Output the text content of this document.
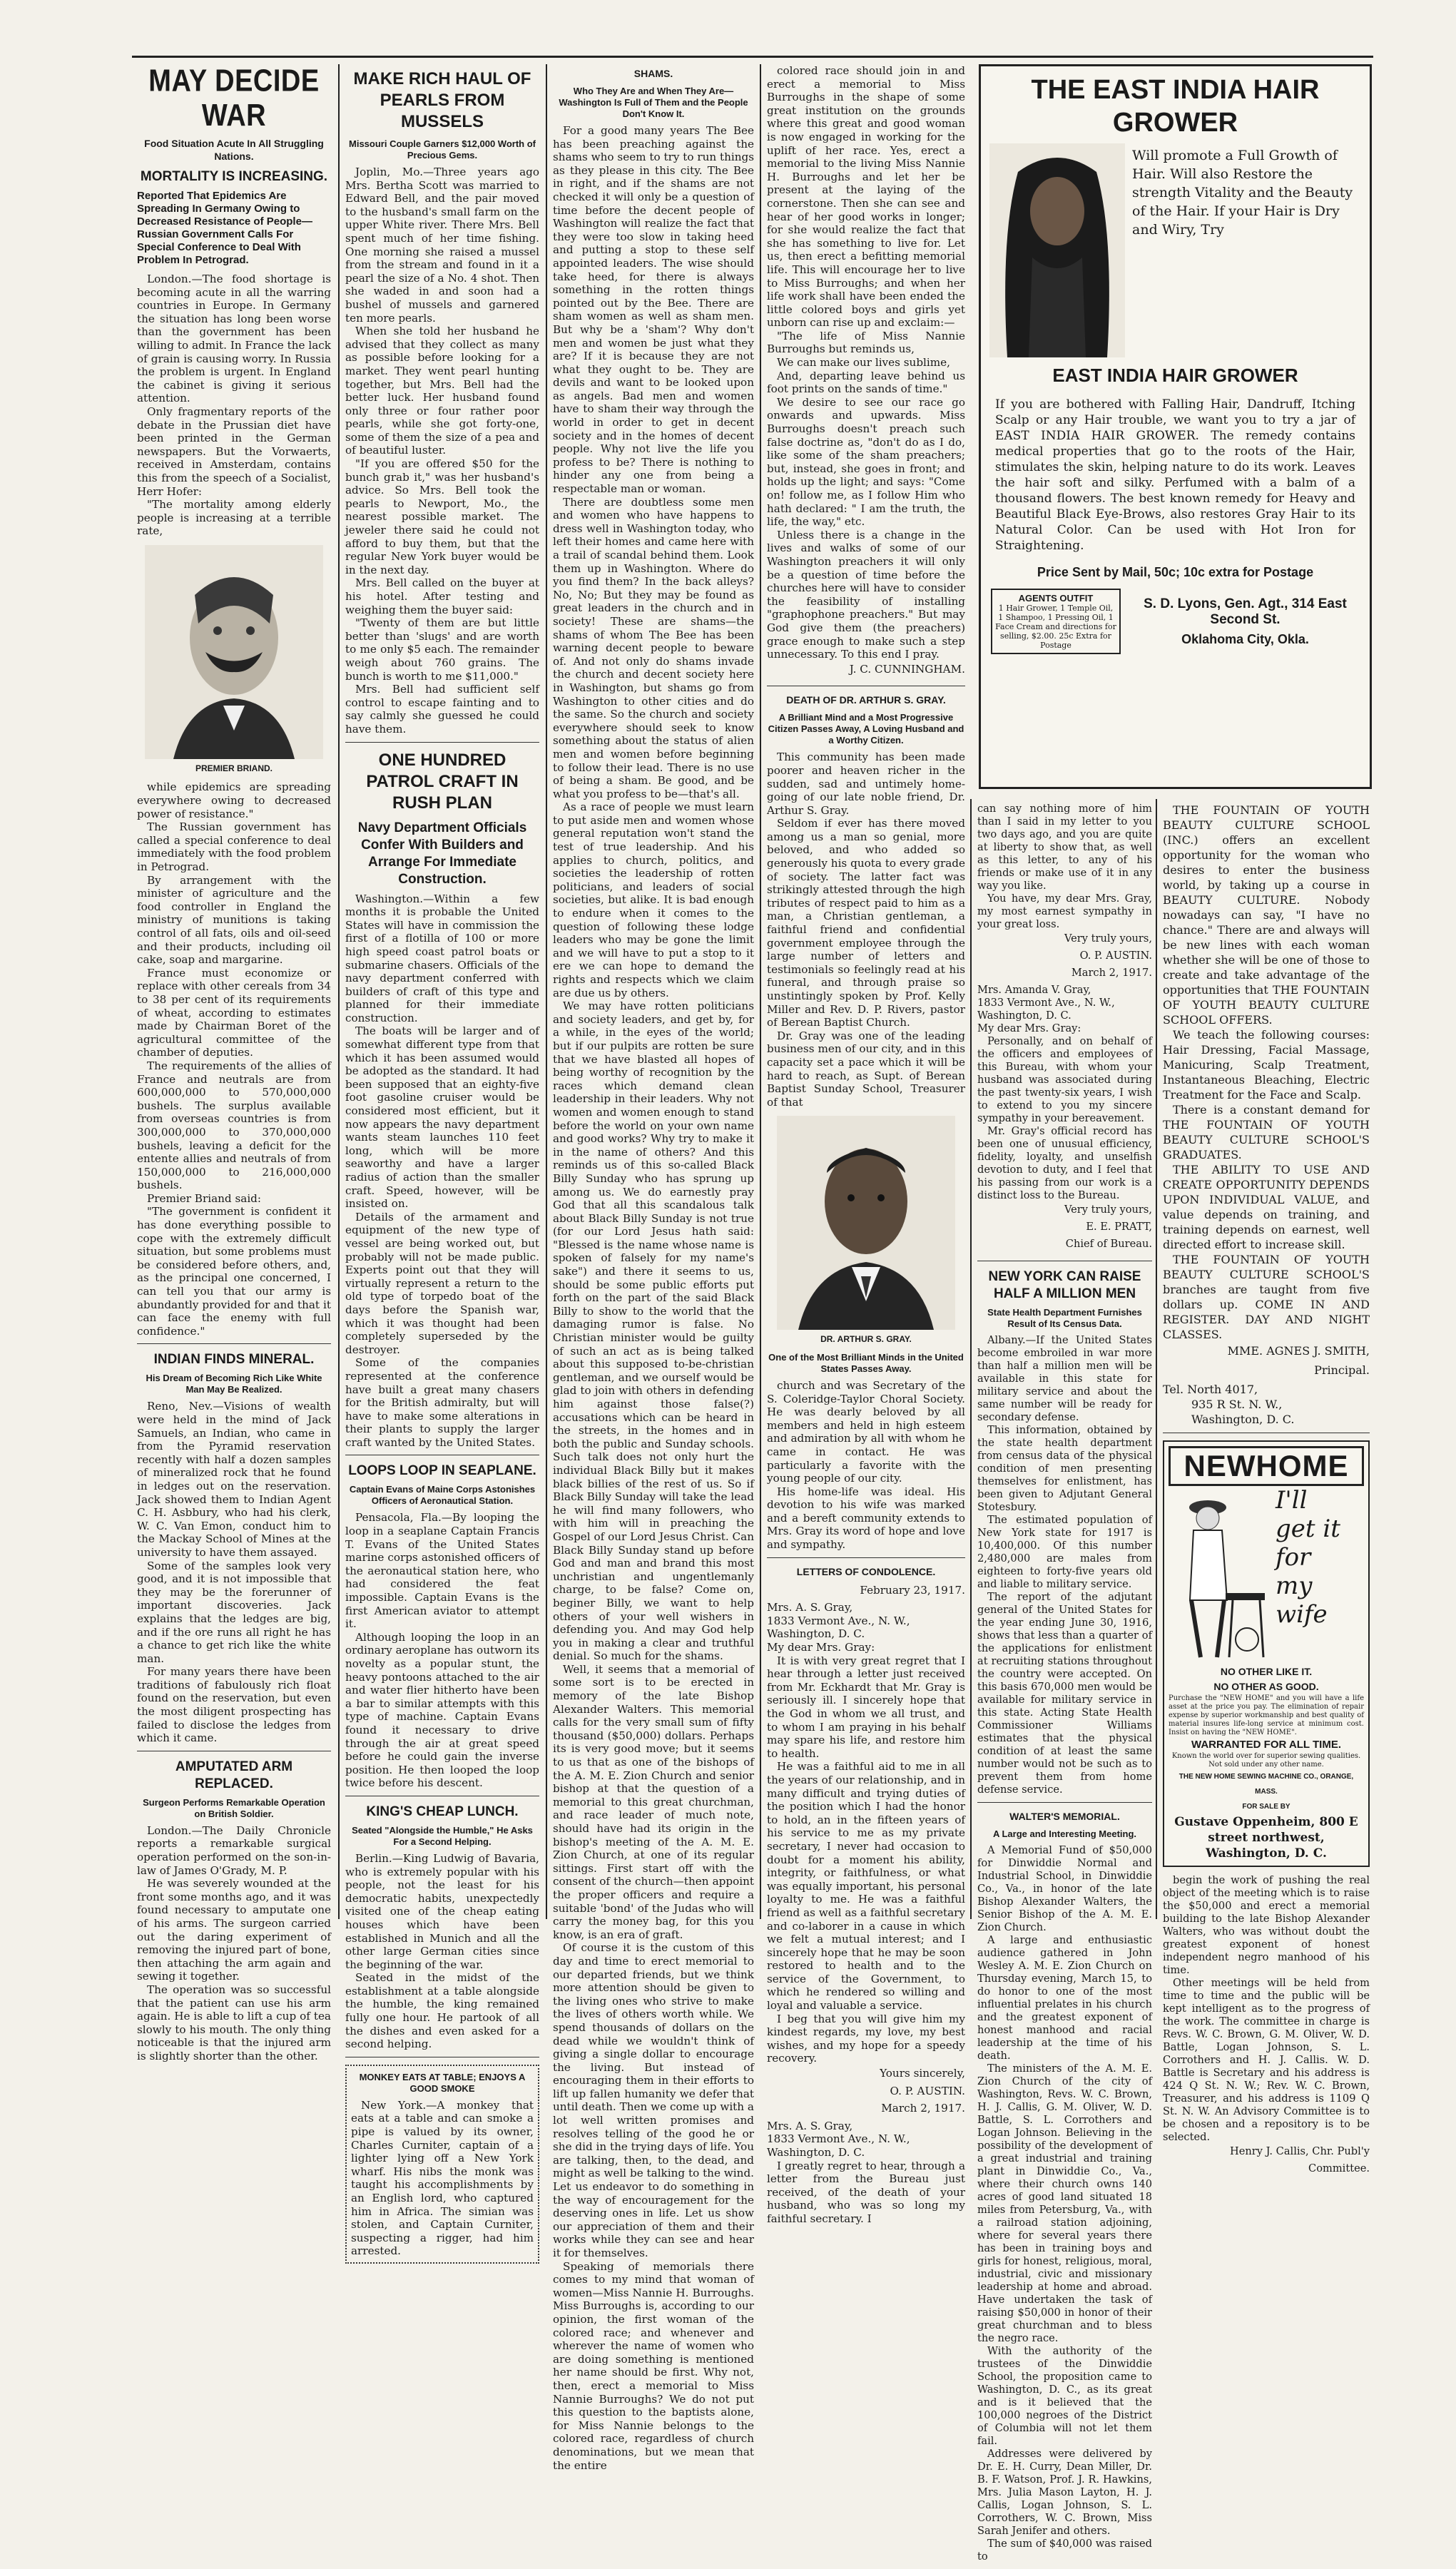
MAY DECIDE WAR
Food Situation Acute In All Struggling Nations.
MORTALITY IS INCREASING.
Reported That Epidemics Are Spreading In Germany Owing to Decreased Resistance of People—Russian Government Calls For Special Conference to Deal With Problem In Petrograd.

London.—The food shortage is becoming acute in all the warring countries in Europe. In Germany the situation has long been worse than the government has been willing to admit. In France the lack of grain is causing worry. In Russia the problem is urgent. In England the cabinet is giving it serious attention.

Only fragmentary reports of the debate in the Prussian diet have been printed in the German newspapers. But the Vorwaerts, received in Amsterdam, contains this from the speech of a Socialist, Herr Hofer:

"The mortality among elderly people is increasing at a terrible rate,

PREMIER BRIAND.

while epidemics are spreading everywhere owing to decreased power of resistance."

The Russian government has called a special conference to deal immediately with the food problem in Petrograd.

By arrangement with the minister of agriculture and the food controller in England the ministry of munitions is taking control of all fats, oils and oil-seed and their products, including oil cake, soap and margarine.

France must economize or replace with other cereals from 34 to 38 per cent of its requirements of wheat, according to estimates made by Chairman Boret of the agricultural committee of the chamber of deputies.

The requirements of the allies of France and neutrals are from 600,000,000 to 570,000,000 bushels. The surplus available from overseas countries is from 300,000,000 to 370,000,000 bushels, leaving a deficit for the entente allies and neutrals of from 150,000,000 to 216,000,000 bushels.

Premier Briand said:

"The government is confident it has done everything possible to cope with the extremely difficult situation, but some problems must be considered before others, and, as the principal one concerned, I can tell you that our army is abundantly provided for and that it can face the enemy with full confidence."

INDIAN FINDS MINERAL.
His Dream of Becoming Rich Like White Man May Be Realized.

Reno, Nev.—Visions of wealth were held in the mind of Jack Samuels, an Indian, who came in from the Pyramid reservation recently with half a dozen samples of mineralized rock that he found in ledges out on the reservation. Jack showed them to Indian Agent C. H. Asbbury, who had his clerk, W. C. Van Emon, conduct him to the Mackay School of Mines at the university to have them assayed.

Some of the samples look very good, and it is not impossible that they may be the forerunner of important discoveries. Jack explains that the ledges are big, and if the ore runs all right he has a chance to get rich like the white man.

For many years there have been traditions of fabulously rich float found on the reservation, but even the most diligent prospecting has failed to disclose the ledges from which it came.

AMPUTATED ARM REPLACED.
Surgeon Performs Remarkable Operation on British Soldier.

London.—The Daily Chronicle reports a remarkable surgical operation performed on the son-in-law of James O'Grady, M. P.

He was severely wounded at the front some months ago, and it was found necessary to amputate one of his arms. The surgeon carried out the daring experiment of removing the injured part of bone, then attaching the arm again and sewing it together.

The operation was so successful that the patient can use his arm again. He is able to lift a cup of tea slowly to his mouth. The only thing noticeable is that the injured arm is slightly shorter than the other.

MAKE RICH HAUL OF PEARLS FROM MUSSELS
Missouri Couple Garners $12,000 Worth of Precious Gems.

Joplin, Mo.—Three years ago Mrs. Bertha Scott was married to Edward Bell, and the pair moved to the husband's small farm on the upper White river. There Mrs. Bell spent much of her time fishing. One morning she raised a mussel from the stream and found in it a pearl the size of a No. 4 shot. Then she waded in and soon had a bushel of mussels and garnered ten more pearls.

When she told her husband he advised that they collect as many as possible before looking for a market. They went pearl hunting together, but Mrs. Bell had the better luck. Her husband found only three or four rather poor pearls, while she got forty-one, some of them the size of a pea and of beautiful luster.

"If you are offered $50 for the bunch grab it," was her husband's advice. So Mrs. Bell took the pearls to Newport, Mo., the nearest possible market. The jeweler there said he could not afford to buy them, but that the regular New York buyer would be in the next day.

Mrs. Bell called on the buyer at his hotel. After testing and weighing them the buyer said:

"Twenty of them are but little better than 'slugs' and are worth to me only $5 each. The remainder weigh about 760 grains. The bunch is worth to me $11,000."

Mrs. Bell had sufficient self control to escape fainting and to say calmly she guessed he could have them.

ONE HUNDRED PATROL CRAFT IN RUSH PLAN
Navy Department Officials Confer With Builders and Arrange For Immediate Construction.

Washington.—Within a few months it is probable the United States will have in commission the first of a flotilla of 100 or more high speed coast patrol boats or submarine chasers. Officials of the navy department conferred with builders of craft of this type and planned for their immediate construction.

The boats will be larger and of somewhat different type from that which it has been assumed would be adopted as the standard. It had been supposed that an eighty-five foot gasoline cruiser would be considered most efficient, but it now appears the navy department wants steam launches 110 feet long, which will be more seaworthy and have a larger radius of action than the smaller craft. Speed, however, will be insisted on.

Details of the armament and equipment of the new type of vessel are being worked out, but probably will not be made public. Experts point out that they will virtually represent a return to the old type of torpedo boat of the days before the Spanish war, which it was thought had been completely superseded by the destroyer.

Some of the companies represented at the conference have built a great many chasers for the British admiralty, but will have to make some alterations in their plants to supply the larger craft wanted by the United States.

LOOPS LOOP IN SEAPLANE.
Captain Evans of Maine Corps Astonishes Officers of Aeronautical Station.

Pensacola, Fla.—By looping the loop in a seaplane Captain Francis T. Evans of the United States marine corps astonished officers of the aeronautical station here, who had considered the feat impossible. Captain Evans is the first American aviator to attempt it.

Although looping the loop in an ordinary aeroplane has outworn its novelty as a popular stunt, the heavy pontoons attached to the air and water flier hitherto have been a bar to similar attempts with this type of machine. Captain Evans found it necessary to drive through the air at great speed before he could gain the inverse position. He then looped the loop twice before his descent.

KING'S CHEAP LUNCH.
Seated "Alongside the Humble," He Asks For a Second Helping.

Berlin.—King Ludwig of Bavaria, who is extremely popular with his people, not the least for his democratic habits, unexpectedly visited one of the cheap eating houses which have been established in Munich and all the other large German cities since the beginning of the war.

Seated in the midst of the establishment at a table alongside the humble, the king remained fully one hour. He partook of all the dishes and even asked for a second helping.

MONKEY EATS AT TABLE; ENJOYS A GOOD SMOKE

New York.—A monkey that eats at a table and can smoke a pipe is valued by its owner, Charles Curniter, captain of a lighter lying off a New York wharf. His nibs the monk was taught his accomplishments by an English lord, who captured him in Africa. The simian was stolen, and Captain Curniter, suspecting a rigger, had him arrested.

SHAMS.
Who They Are and When They Are—Washington Is Full of Them and the People Don't Know It.

For a good many years The Bee has been preaching against the shams who seem to try to run things as they please in this city. The Bee in right, and if the shams are not checked it will only be a question of time before the decent people of Washington will realize the fact that they were too slow in taking heed and putting a stop to these self appointed leaders. The wise should take heed, for there is always something in the rotten things pointed out by the Bee. There are sham women as well as sham men. But why be a 'sham'? Why don't men and women be just what they are? If it is because they are not what they ought to be. They are devils and want to be looked upon as angels. Bad men and women have to sham their way through the world in order to get in decent society and in the homes of decent people. Why not live the life you profess to be? There is nothing to hinder any one from being a respectable man or woman.

There are doubtless some men and women who have happens to dress well in Washington today, who left their homes and came here with a trail of scandal behind them. Look them up in Washington. Where do you find them? In the back alleys? No, No; But they may be found as great leaders in the church and in society! These are shams—the shams of whom The Bee has been warning decent people to beware of. And not only do shams invade the church and decent society here in Washington, but shams go from Washington to other cities and do the same. So the church and society everywhere should seek to know something about the status of alien men and women before beginning to follow their lead. There is no use of being a sham. Be good, and be what you profess to be—that's all.

As a race of people we must learn to put aside men and women whose general reputation won't stand the test of true leadership. And his applies to church, politics, and societies the leadership of rotten politicians, and leaders of social societies, but alike. It is bad enough to endure when it comes to the question of following these lodge leaders who may be gone the limit and we will have to put a stop to it ere we can hope to demand the rights and respects which we claim are due us by others.

We may have rotten politicians and society leaders, and get by, for a while, in the eyes of the world; but if our pulpits are rotten be sure that we have blasted all hopes of being worthy of recognition by the races which demand clean leadership in their leaders. Why not women and women enough to stand before the world on your own name and good works? Why try to make it in the name of others? And this reminds us of this so-called Black Billy Sunday who has sprung up among us. We do earnestly pray God that all this scandalous talk about Black Billy Sunday is not true (for our Lord Jesus hath said: "Blessed is the name whose name is spoken of falsely for my name's sake") and there it seems to us, should be some public efforts put forth on the part of the said Black Billy to show to the world that the damaging rumor is false. No Christian minister would be guilty of such an act as is being talked about this supposed to-be-christian gentleman, and we ourself would be glad to join with others in defending him against those false(?) accusations which can be heard in the streets, in the homes and in both the public and Sunday schools. Such talk does not only hurt the individual Black Billy but it makes black billies of the rest of us. So if Black Billy Sunday will take the lead he will find many followers, who with him will in preaching the Gospel of our Lord Jesus Christ. Can Black Billy Sunday stand up before God and man and brand this most unchristian and ungentlemanly charge, to be false? Come on, beginer Billy, we want to help others of your well wishers in defending you. And may God help you in making a clear and truthful denial. So much for the shams.

Well, it seems that a memorial of some sort is to be erected in memory of the late Bishop Alexander Walters. This memorial calls for the very small sum of fifty thousand ($50,000) dollars. Perhaps its is very good move; but it seems to us that as one of the bishops of the A. M. E. Zion Church and senior bishop at that the question of a memorial to this great churchman, and race leader of much note, should have had its origin in the bishop's meeting of the A. M. E. Zion Church, at one of its regular sittings. First start off with the consent of the church—then appoint the proper officers and require a suitable 'bond' of the Judas who will carry the money bag, for this you know, is an era of graft.

Of course it is the custom of this day and time to erect memorial to our departed friends, but we think more attention should be given to the living ones who strive to make the lives of others worth while. We spend thousands of dollars on the dead while we wouldn't think of giving a single dollar to encourage the living. But instead of encouraging them in their efforts to lift up fallen humanity we defer that until death. Then we come up with a lot well written promises and resolves telling of the good he or she did in the trying days of life. You are talking, then, to the dead, and might as well be talking to the wind. Let us endeavor to do something in the way of encouragement for the deserving ones in life. Let us show our appreciation of them and their works while they can see and hear it for themselves.

Speaking of memorials there comes to my mind that woman of women—Miss Nannie H. Burroughs. Miss Burroughs is, according to our opinion, the first woman of the colored race; and whenever and wherever the name of women who are doing something is mentioned her name should be first. Why not, then, erect a memorial to Miss Nannie Burroughs? We do not put this question to the baptists alone, for Miss Nannie belongs to the colored race, regardless of church denominations, but we mean that the entire

colored race should join in and erect a memorial to Miss Burroughs in the shape of some great institution on the grounds where this great and good woman is now engaged in working for the uplift of her race. Yes, erect a memorial to the living Miss Nannie H. Burroughs and let her be present at the laying of the cornerstone. Then she can see and hear of her good works in longer; for she would realize the fact that she has something to live for. Let us, then erect a befitting memorial life. This will encourage her to live to Miss Burroughs; and when her life work shall have been ended the little colored boys and girls yet unborn can rise up and exclaim:—

"The life of Miss Nannie Burroughs but reminds us,

We can make our lives sublime,

And, departing leave behind us foot prints on the sands of time."

We desire to see our race go onwards and upwards. Miss Burroughs doesn't preach such false doctrine as, "don't do as I do, like some of the sham preachers; but, instead, she goes in front; and holds up the light; and says: "Come on! follow me, as I follow Him who hath declared: " I am the truth, the life, the way," etc.

Unless there is a change in the lives and walks of some of our Washington preachers it will only be a question of time before the churches here will have to consider the feasibility of installing "graphophone preachers." But may God give them (the preachers) grace enough to make such a step unnecessary. To this end I pray.

J. C. CUNNINGHAM.
DEATH OF DR. ARTHUR S. GRAY.
A Brilliant Mind and a Most Progressive Citizen Passes Away, A Loving Husband and a Worthy Citizen.

This community has been made poorer and heaven richer in the sudden, sad and untimely home-going of our late noble friend, Dr. Arthur S. Gray.

Seldom if ever has there moved among us a man so genial, more beloved, and who added so generously his quota to every grade of society. The latter fact was strikingly attested through the high tributes of respect paid to him as a man, a Christian gentleman, a faithful friend and confidential government employee through the large number of letters and testimonials so feelingly read at his funeral, and through praise so unstintingly spoken by Prof. Kelly Miller and Rev. D. P. Rivers, pastor of Berean Baptist Church.

Dr. Gray was one of the leading business men of our city, and in this capacity set a pace which it will be hard to reach, as Supt. of Berean Baptist Sunday School, Treasurer of that

DR. ARTHUR S. GRAY.
One of the Most Brilliant Minds in the United States Passes Away.

church and was Secretary of the S. Coleridge-Taylor Choral Society. He was dearly beloved by all members and held in high esteem and admiration by all with whom he came in contact. He was particularly a favorite with the young people of our city.

His home-life was ideal. His devotion to his wife was marked and a bereft community extends to Mrs. Gray its word of hope and love and sympathy.

LETTERS OF CONDOLENCE.
February 23, 1917.

Mrs. A. S. Gray,

1833 Vermont Ave., N. W.,

Washington, D. C.

My dear Mrs. Gray:

It is with very great regret that I hear through a letter just received from Mr. Eckhardt that Mr. Gray is seriously ill. I sincerely hope that the God in whom we all trust, and to whom I am praying in his behalf may spare his life, and restore him to health.

He was a faithful aid to me in all the years of our relationship, and in many difficult and trying duties of the position which I had the honor to hold, an in the fifteen years of his service to me as my private secretary, I never had occasion to doubt for a moment his ability, integrity, or faithfulness, or what was equally important, his personal loyalty to me. He was a faithful friend as well as a faithful secretary and co-laborer in a cause in which we felt a mutual interest; and I sincerely hope that he may be soon restored to health and to the service of the Government, to which he rendered so willing and loyal and valuable a service.

I beg that you will give him my kindest regards, my love, my best wishes, and my hope for a speedy recovery.

Yours sincerely,
O. P. AUSTIN.
March 2, 1917.

Mrs. A. S. Gray,

1833 Vermont Ave., N. W.,

Washington, D. C.

I greatly regret to hear, through a letter from the Bureau just received, of the death of your husband, who was so long my faithful secretary. I

THE EAST INDIA HAIR GROWER
Will promote a Full Growth of Hair. Will also Restore the strength Vitality and the Beauty of the Hair. If your Hair is Dry and Wiry, Try
EAST INDIA HAIR GROWER
If you are bothered with Falling Hair, Dandruff, Itching Scalp or any Hair trouble, we want you to try a jar of EAST INDIA HAIR GROWER. The remedy contains medical properties that go to the roots of the Hair, stimulates the skin, helping nature to do its work. Leaves the hair soft and silky. Perfumed with a balm of a thousand flowers. The best known remedy for Heavy and Beautiful Black Eye-Brows, also restores Gray Hair to its Natural Color. Can be used with Hot Iron for Straightening.
Price Sent by Mail, 50c; 10c extra for Postage
AGENTS OUTFIT
1 Hair Grower, 1 Temple Oil, 1 Shampoo, 1 Pressing Oil, 1 Face Cream and directions for selling, $2.00. 25c Extra for Postage
S. D. Lyons, Gen. Agt., 314 East Second St.
Oklahoma City, Okla.

can say nothing more of him than I said in my letter to you two days ago, and you are quite at liberty to show that, as well as this letter, to any of his friends or make use of it in any way you like.

You have, my dear Mrs. Gray, my most earnest sympathy in your great loss.

Very truly yours,
O. P. AUSTIN.
March 2, 1917.

Mrs. Amanda V. Gray,

1833 Vermont Ave., N. W.,

Washington, D. C.

My dear Mrs. Gray:

Personally, and on behalf of the officers and employees of this Bureau, with whom your husband was associated during the past twenty-six years, I wish to extend to you my sincere sympathy in your bereavement.

Mr. Gray's official record has been one of unusual efficiency, fidelity, loyalty, and unselfish devotion to duty, and I feel that his passing from our work is a distinct loss to the Bureau.

Very truly yours,
E. E. PRATT,
Chief of Bureau.
NEW YORK CAN RAISE HALF A MILLION MEN
State Health Department Furnishes Result of Its Census Data.

Albany.—If the United States become embroiled in war more than half a million men will be available in this state for military service and about the same number will be ready for secondary defense.

This information, obtained by the state health department from census data of the physical condition of men presenting themselves for enlistment, has been given to Adjutant General Stotesbury.

The estimated population of New York state for 1917 is 10,400,000. Of this number 2,480,000 are males from eighteen to forty-five years old and liable to military service.

The report of the adjutant general of the United States for the year ending June 30, 1916, shows that less than a quarter of the applications for enlistment at recruiting stations throughout the country were accepted. On this basis 670,000 men would be available for military service in this state. Acting State Health Commissioner Williams estimates that the physical condition of at least the same number would not be such as to prevent them from home defense service.

WALTER'S MEMORIAL.
A Large and Interesting Meeting.

A Memorial Fund of $50,000 for Dinwiddie Normal and Industrial School, in Dinwiddie Co., Va., in honor of the late Bishop Alexander Walters, the Senior Bishop of the A. M. E. Zion Church.

A large and enthusiastic audience gathered in John Wesley A. M. E. Zion Church on Thursday evening, March 15, to do honor to one of the most influential prelates in his church and the greatest exponent of honest manhood and racial leadership at the time of his death.

The ministers of the A. M. E. Zion Church of the city of Washington, Revs. W. C. Brown, H. J. Callis, G. M. Oliver, W. D. Battle, S. L. Corrothers and Logan Johnson. Believing in the possibility of the development of a great industrial and training plant in Dinwiddie Co., Va., where their church owns 140 acres of good land situated 18 miles from Petersburg, Va., with a railroad station adjoining, where for several years there has been in training boys and girls for honest, religious, moral, industrial, civic and missionary leadership at home and abroad. Have undertaken the task of raising $50,000 in honor of their great churchman and to bless the negro race.

With the authority of the trustees of the Dinwiddie School, the proposition came to Washington, D. C., as its great and is it believed that the 100,000 negroes of the District of Columbia will not let them fail.

Addresses were delivered by Dr. E. H. Curry, Dean Miller, Dr. B. F. Watson, Prof. J. R. Hawkins, Mrs. Julia Mason Layton, H. J. Callis, Logan Johnson, S. L. Corrothers, W. C. Brown, Miss Sarah Jenifer and others.

The sum of $40,000 was raised to

THE FOUNTAIN OF YOUTH BEAUTY CULTURE SCHOOL (INC.) offers an excellent opportunity for the woman who desires to enter the business world, by taking up a course in BEAUTY CULTURE. Nobody nowadays can say, "I have no chance." There are and always will be new lines with each woman whether she will be one of those to create and take advantage of the opportunities that THE FOUNTAIN OF YOUTH BEAUTY CULTURE SCHOOL OFFERS.

We teach the following courses: Hair Dressing, Facial Massage, Manicuring, Scalp Treatment, Instantaneous Bleaching, Electric Treatment for the Face and Scalp.

There is a constant demand for THE FOUNTAIN OF YOUTH BEAUTY CULTURE SCHOOL'S GRADUATES.

THE ABILITY TO USE AND CREATE OPPORTUNITY DEPENDS UPON INDIVIDUAL VALUE, and value depends on training, and training depends on earnest, well directed effort to increase skill.

THE FOUNTAIN OF YOUTH BEAUTY CULTURE SCHOOL'S branches are taught from five dollars up. COME IN AND REGISTER. DAY AND NIGHT CLASSES.

MME. AGNES J. SMITH,
Principal.

Tel. North 4017,

935 R St. N. W.,

Washington, D. C.

NEWHOME
I'll
get it
for
my wife
NO OTHER LIKE IT.
NO OTHER AS GOOD.
Purchase the "NEW HOME" and you will have a life asset at the price you pay. The elimination of repair expense by superior workmanship and best quality of material insures life-long service at minimum cost. Insist on having the "NEW HOME".
WARRANTED FOR ALL TIME.
Known the world over for superior sewing qualities. Not sold under any other name.
THE NEW HOME SEWING MACHINE CO., ORANGE, MASS.
FOR SALE BY
Gustave Oppenheim, 800 E street northwest, Washington, D. C.

begin the work of pushing the real object of the meeting which is to raise the $50,000 and erect a memorial building to the late Bishop Alexander Walters, who was without doubt the greatest exponent of honest independent negro manhood of his time.

Other meetings will be held from time to time and the public will be kept intelligent as to the progress of the work. The committee in charge is Revs. W. C. Brown, G. M. Oliver, W. D. Battle, Logan Johnson, S. L. Corrothers and H. J. Callis. W. D. Battle is Secretary and his address is 424 Q St. N. W.; Rev. W. C. Brown, Treasurer, and his address is 1109 Q St. N. W. An Advisory Committee is to be chosen and a repository is to be selected.

Henry J. Callis, Chr. Publ'y
Committee.
